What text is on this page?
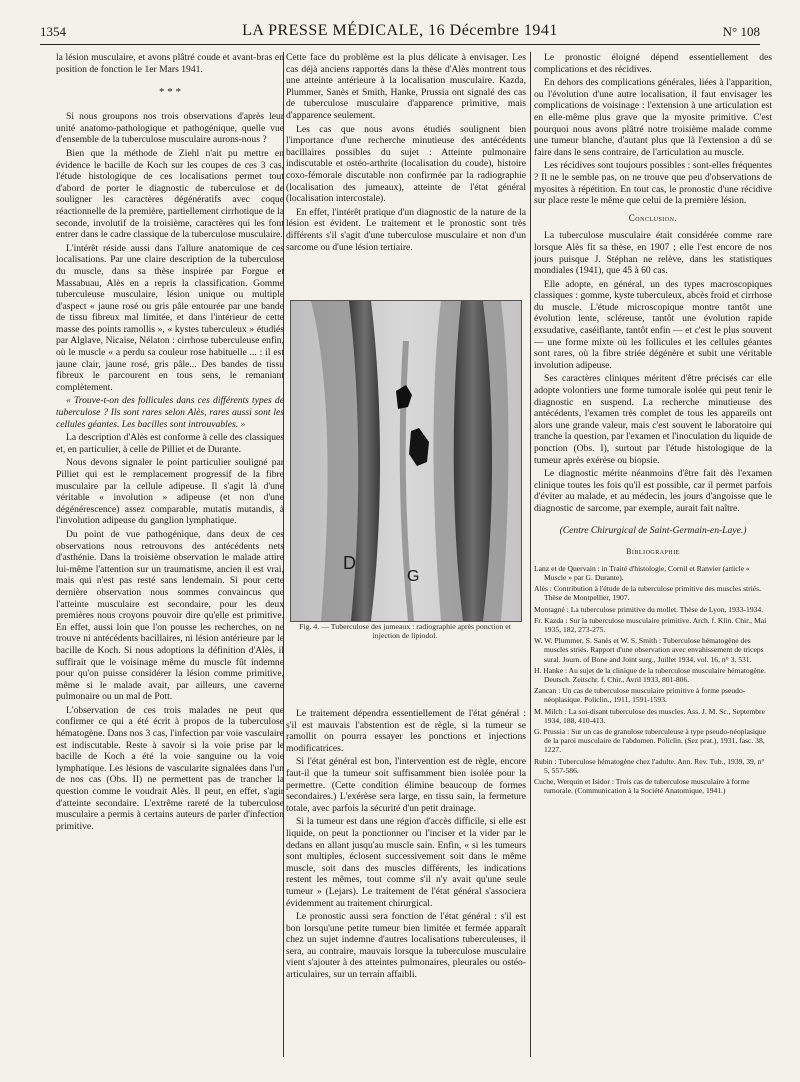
LA PRESSE MÉDICALE, 16 Décembre 1941
1354	N° 108

la lésion musculaire, et avons plâtré coude et avant-bras en position de fonction le 1er Mars 1941.

* * *

Si nous groupons nos trois observations d'après leur unité anatomo-pathologique et pathogénique, quelle vue d'ensemble de la tuberculose musculaire aurons-nous ?

Bien que la méthode de Ziehl n'ait pu mettre en évidence le bacille de Koch sur les coupes de ces 3 cas, l'étude histologique de ces localisations permet tout d'abord de porter le diagnostic de tuberculose et de souligner les caractères dégénératifs avec coque réactionnelle de la première, partiellement cirrhotique de la seconde, involutif de la troisième, caractères qui les font entrer dans le cadre classique de la tuberculose musculaire.

L'intérêt réside aussi dans l'allure anatomique de ces localisations. Par une claire description de la tuberculose du muscle, dans sa thèse inspirée par Forgue et Massabuau, Alès en a repris la classification. Gomme tuberculeuse musculaire, lésion unique ou multiple d'aspect « jaune rosé ou gris pâle entourée par une bande de tissu fibreux mal limitée, et dans l'intérieur de cette masse des points ramollis », « kystes tuberculeux » étudiés par Alglave, Nicaise, Nélaton : cirrhose tuberculeuse enfin, où le muscle « a perdu sa couleur rose habituelle ... : il est jaune clair, jaune rosé, gris pâle... Des bandes de tissu fibreux le parcourent en tous sens, le remaniant complètement.

« Trouve-t-on des follicules dans ces différents types de tuberculose ? Ils sont rares selon Alès, rares aussi sont les cellules géantes. Les bacilles sont introuvables. »

La description d'Alès est conforme à celle des classiques et, en particulier, à celle de Pilliet et de Durante.

Nous devons signaler le point particulier souligné par Pilliet qui est le remplacement progressif de la fibre musculaire par la cellule adipeuse. Il s'agit là d'une véritable « involution » adipeuse (et non d'une dégénérescence) assez comparable, mutatis mutandis, à l'involution adipeuse du ganglion lymphatique.

Du point de vue pathogénique, dans deux de ces observations nous retrouvons des antécédents nets d'asthénie. Dans la troisième observation le malade attire lui-même l'attention sur un traumatisme, ancien il est vrai, mais qui n'est pas resté sans lendemain. Si pour cette dernière observation nous sommes convaincus que l'atteinte musculaire est secondaire, pour les deux premières nous croyons pouvoir dire qu'elle est primitive. En effet, aussi loin que l'on pousse les recherches, on ne trouve ni antécédents bacillaires, ni lésion antérieure par le bacille de Koch. Si nous adoptions la définition d'Alès, il suffirait que le voisinage même du muscle fût indemne pour qu'on puisse considérer la lésion comme primitive, même si le malade avait, par ailleurs, une caverne pulmonaire ou un mal de Pott.

L'observation de ces trois malades ne peut que confirmer ce qui a été écrit à propos de la tuberculose hématogène. Dans nos 3 cas, l'infection par voie vasculaire est indiscutable. Reste à savoir si la voie prise par le bacille de Koch a été la voie sanguine ou la voie lymphatique. Les lésions de vascularite signalées dans l'un de nos cas (Obs. II) ne permettent pas de trancher la question comme le voudrait Alès. Il peut, en effet, s'agir d'atteinte secondaire. L'extrême rareté de la tuberculose musculaire a permis à certains auteurs de parler d'infection primitive.

Cette face du problème est la plus délicate à envisager. Les cas déjà anciens rapportés dans la thèse d'Alès montrent tous une atteinte antérieure à la localisation musculaire. Kazda, Plummer, Sanès et Smith, Hanke, Prussia ont signalé des cas de tuberculose musculaire d'apparence primitive, mais d'apparence seulement.

Les cas que nous avons étudiés soulignent bien l'importance d'une recherche minutieuse des antécédents bacillaires possibles du sujet : Atteinte pulmonaire indiscutable et ostéo-arthrite (localisation du coude), histoire coxo-fémorale discutable non confirmée par la radiographie (localisation des jumeaux), atteinte de l'état général (localisation intercostale).

En effet, l'intérêt pratique d'un diagnostic de la nature de la lésion est évident. Le traitement et le pronostic sont très différents s'il s'agit d'une tuberculose musculaire et non d'un sarcome ou d'une lésion tertiaire.

D
G
Fig. 4. — Tuberculose des jumeaux : radiographie après ponction et injection de lipiodol.

Le traitement dépendra essentiellement de l'état général : s'il est mauvais l'abstention est de règle, si la tumeur se ramollit on pourra essayer les ponctions et injections modificatrices.

Si l'état général est bon, l'intervention est de règle, encore faut-il que la tumeur soit suffisamment bien isolée pour la permettre. (Cette condition élimine beaucoup de formes secondaires.) L'exérèse sera large, en tissu sain, la fermeture totale, avec parfois la sécurité d'un petit drainage.

Si la tumeur est dans une région d'accès difficile, si elle est liquide, on peut la ponctionner ou l'inciser et la vider par le dedans en allant jusqu'au muscle sain. Enfin, « si les tumeurs sont multiples, éclosent successivement soit dans le même muscle, soit dans des muscles différents, les indications restent les mêmes, tout comme s'il n'y avait qu'une seule tumeur » (Lejars). Le traitement de l'état général s'associera évidemment au traitement chirurgical.

Le pronostic aussi sera fonction de l'état général : s'il est bon lorsqu'une petite tumeur bien limitée et fermée apparaît chez un sujet indemne d'autres localisations tuberculeuses, il sera, au contraire, mauvais lorsque la tuberculose musculaire vient s'ajouter à des atteintes pulmonaires, pleurales ou ostéo-articulaires, sur un terrain affaibli.

Le pronostic éloigné dépend essentiellement des complications et des récidives.

En dehors des complications générales, liées à l'apparition, ou l'évolution d'une autre localisation, il faut envisager les complications de voisinage : l'extension à une articulation est en elle-même plus grave que la myosite primitive. C'est pourquoi nous avons plâtré notre troisième malade comme une tumeur blanche, d'autant plus que là l'extension a dû se faire dans le sens contraire, de l'articulation au muscle.

Les récidives sont toujours possibles : sont-elles fréquentes ? Il ne le semble pas, on ne trouve que peu d'observations de myosites à répétition. En tout cas, le pronostic d'une récidive sur place reste le même que celui de la première lésion.

Conclusion.

La tuberculose musculaire était considérée comme rare lorsque Alès fit sa thèse, en 1907 ; elle l'est encore de nos jours puisque J. Stéphan ne relève, dans les statistiques mondiales (1941), que 45 à 60 cas.

Elle adopte, en général, un des types macroscopiques classiques : gomme, kyste tuberculeux, abcès froid et cirrhose du muscle. L'étude microscopique montre tantôt une évolution lente, scléreuse, tantôt une évolution rapide exsudative, caséifiante, tantôt enfin — et c'est le plus souvent — une forme mixte où les follicules et les cellules géantes sont rares, où la fibre striée dégénère et subit une véritable involution adipeuse.

Ses caractères cliniques méritent d'être précisés car elle adopte volontiers une forme tumorale isolée qui peut tenir le diagnostic en suspend. La recherche minutieuse des antécédents, l'examen très complet de tous les appareils ont alors une grande valeur, mais c'est souvent le laboratoire qui tranche la question, par l'examen et l'inoculation du liquide de ponction (Obs. I), surtout par l'étude histologique de la tumeur après exérèse ou biopsie.

Le diagnostic mérite néanmoins d'être fait dès l'examen clinique toutes les fois qu'il est possible, car il permet parfois d'éviter au malade, et au médecin, les jours d'angoisse que le diagnostic de sarcome, par exemple, aurait fait naître.

(Centre Chirurgical de Saint-Germain-en-Laye.)

Bibliographie

Lanz et de Quervain : in Traité d'histologie, Cornil et Ranvier (article « Muscle » par G. Durante).

Alès : Contribution à l'étude de la tuberculose primitive des muscles striés. Thèse de Montpellier, 1907.

Montagné : La tuberculose primitive du mollet. Thèse de Lyon, 1933-1934.

Fr. Kazda : Sur la tuberculose musculaire primitive. Arch. f. Klin. Chir., Mai 1935, 182, 273-275.

W. W. Plummer, S. Sanès et W. S. Smith : Tuberculose hématogène des muscles striés. Rapport d'une observation avec envahissement de triceps sural. Journ. of Bone and Joint surg., Juillet 1934, vol. 16, n° 3, 531.

H. Hanke : Au sujet de la clinique de la tuberculose musculaire hématogène. Deutsch. Zeitschr. f. Chir., Avril 1933, 801-806.

Zancan : Un cas de tuberculose musculaire primitive à forme pseudo-néoplasique. Policlin., 1911, 1591-1593.

M. Milch : La soi-disant tuberculose des muscles. Ass. J. M. Sc., Septembre 1934, 188, 410-413.

G. Prussia : Sur un cas de granulose tuberculeuse à type pseudo-néoplasique de la paroi musculaire de l'abdomen. Policlin. (Sez prat.), 1931, fasc. 38, 1227.

Rubin : Tuberculose hématogène chez l'adulte. Ann. Rev. Tub., 1939, 39, n° 5, 557-586.

Cuche, Werquin et Isidor : Trois cas de tuberculose musculaire à forme tumorale. (Communication à la Société Anatomique, 1941.)
